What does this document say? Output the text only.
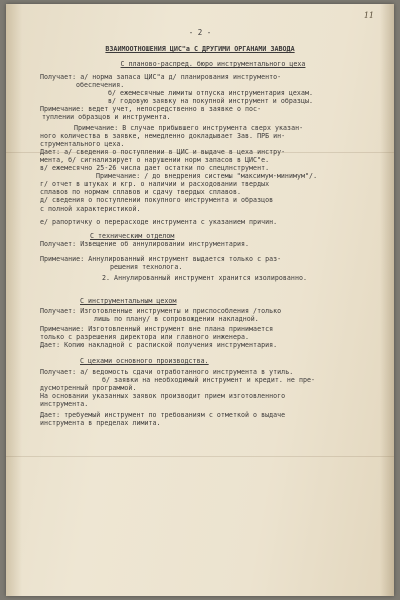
11
- 2 -
ВЗАИМООТНОШЕНИЯ ЦИС"а С ДРУГИМИ ОРГАНАМИ ЗАВОДА
С планово-распред. бюро инструментального цеха
Получает: а/ норма запаса ЦИС"а д/ планирования инструменто-
обеспечения.
б/ ежемесячные лимиты отпуска инструментария цехам.
в/ годовую заявку на покупной инструмент и образцы.
Примечание: ведет учет, непосредственно в заявке о пос-
туплении образцов и инструмента.
Примечание: В случае прибывшего инструмента сверх указан-
ного количества в заявке, немедленно докладывает Зав. ПРБ ин-
струментального цеха.
Дает: а/ сведения о поступлении в ЦИС и выдаче в цеха инстру-
мента, б/ сигнализирует о нарушении норм запасов в ЦИС"е.
в/ ежемесячно 25-26 числа дает остатки по спецлнструмент.
Примечание: / до внедрения системы "максимум-минимум"/.
г/ отчет в штуках и кгр. о наличии и расходовании твердых
сплавов по нормам сплавов и сдачу твердых сплавов.
д/ сведения о поступлении покупного инструмента и образцов
с полной характеристикой.
е/ рапортичку о перерасходе инструмента с указанием причин.
С техническим отделом
Получает: Извещение об аннулировании инструментария.
Примечание: Аннулированный инструмент выдается только с раз-
решения технолога.
2. Аннулированный инструмент хранится изолированно.
С инструментальным цехом
Получает: Изготовленные инструменты и приспособления /только
лишь по плану/ в сопровождении накладной.
Примечание: Изготовленный инструмент вне плана принимается
только с разрешения директора или главного инженера.
Дает: Копию накладной с распиской получения инструментария.
С цехами основного производства.
Получает: а/ ведомость сдачи отработанного инструмента в утиль.
б/ заявки на необходимый инструмент и кредит. не пре-
дусмотренный программой.
На основании указанных заявок производит прием изготовленного
инструмента.
Дает: требуемый инструмент по требованиям с отметкой о выдаче
инструмента в пределах лимита.
